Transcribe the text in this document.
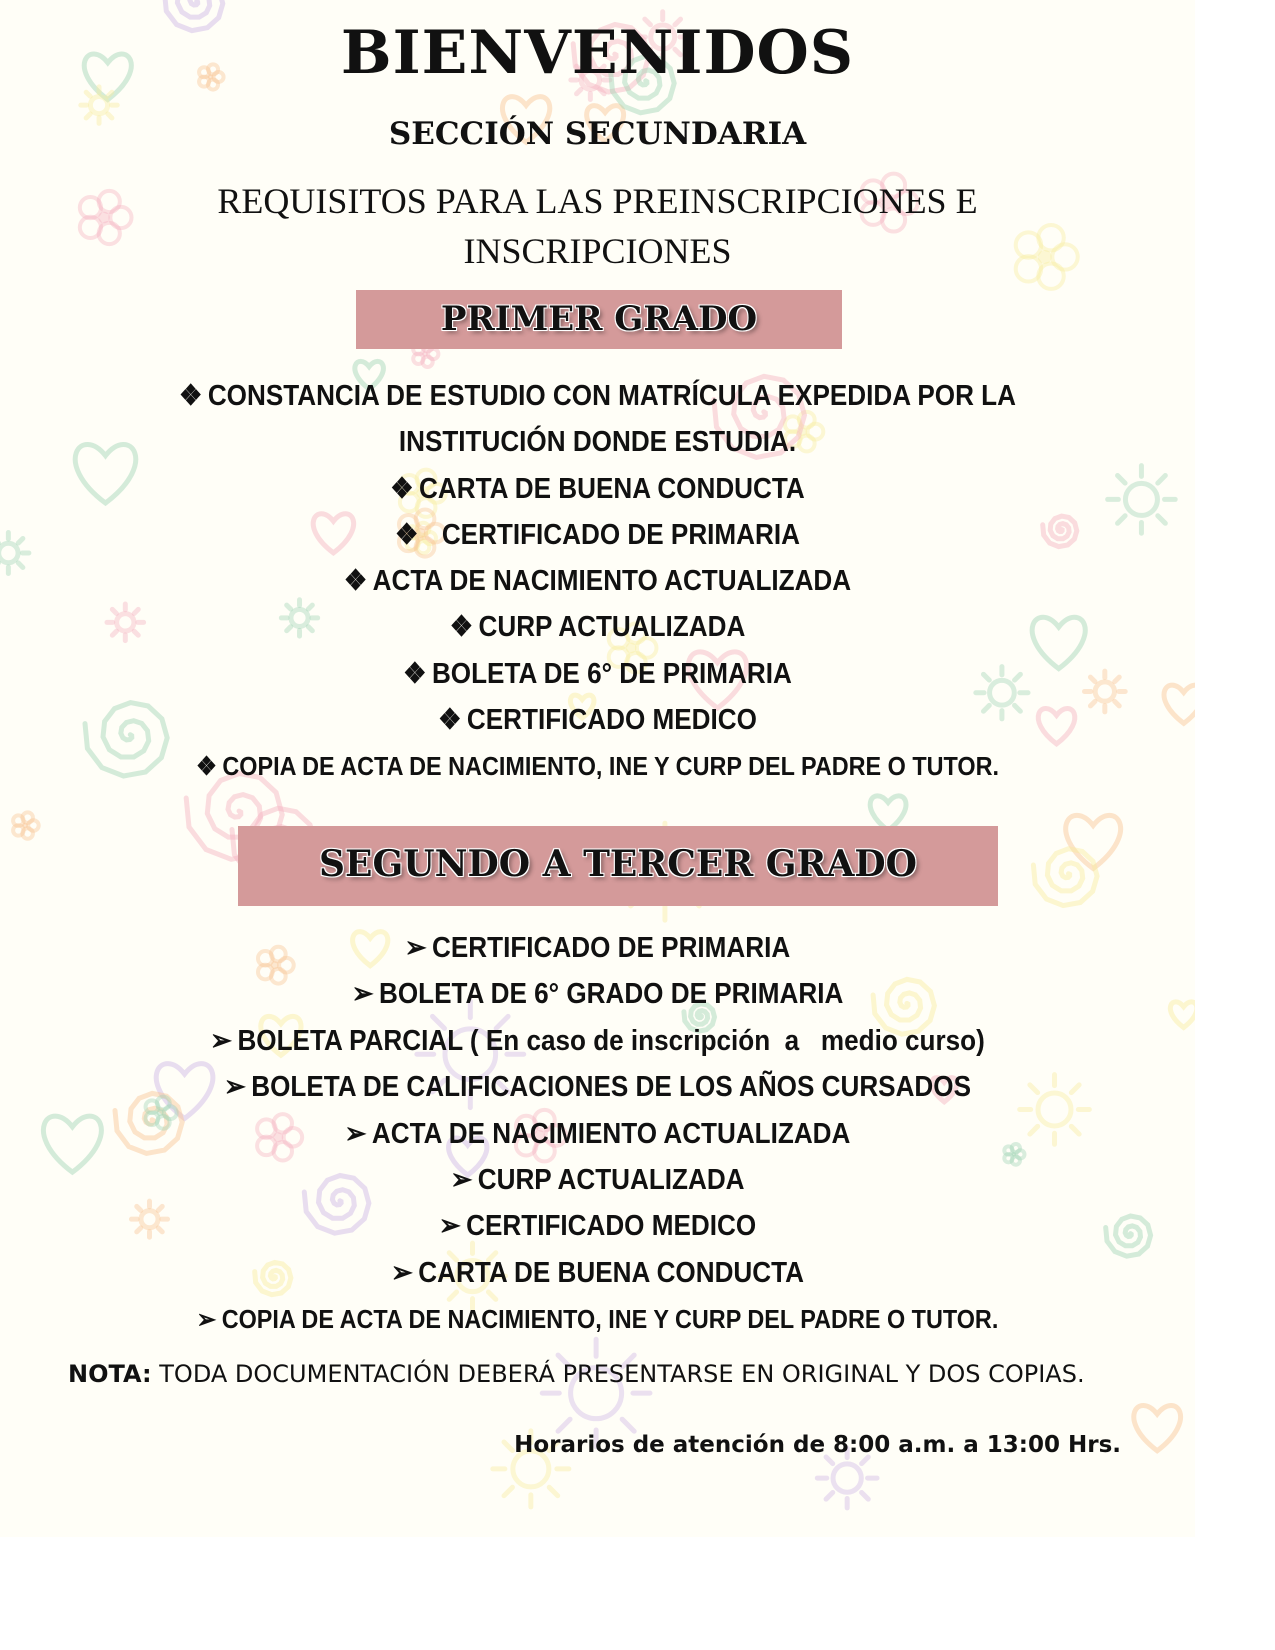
BIENVENIDOS
SECCIÓN SECUNDARIA
REQUISITOS PARA LAS PREINSCRIPCIONES E INSCRIPCIONES
PRIMER GRADO
❖ CONSTANCIA DE ESTUDIO CON MATRÍCULA EXPEDIDA POR LA
INSTITUCIÓN DONDE ESTUDIA.
❖ CARTA DE BUENA CONDUCTA
❖ CERTIFICADO DE PRIMARIA
❖ ACTA DE NACIMIENTO ACTUALIZADA
❖ CURP ACTUALIZADA
❖ BOLETA DE 6° DE PRIMARIA
❖ CERTIFICADO MEDICO
❖ COPIA DE ACTA DE NACIMIENTO, INE Y CURP DEL PADRE O TUTOR.
SEGUNDO A TERCER GRADO
➢ CERTIFICADO DE PRIMARIA
➢ BOLETA DE 6° GRADO DE PRIMARIA
➢ BOLETA PARCIAL ( En caso de inscripción  a   medio curso)
➢ BOLETA DE CALIFICACIONES DE LOS AÑOS CURSADOS
➢ ACTA DE NACIMIENTO ACTUALIZADA
➢ CURP ACTUALIZADA
➢ CERTIFICADO MEDICO
➢ CARTA DE BUENA CONDUCTA
➢ COPIA DE ACTA DE NACIMIENTO, INE Y CURP DEL PADRE O TUTOR.
NOTA: TODA DOCUMENTACIÓN DEBERÁ PRESENTARSE EN ORIGINAL Y DOS COPIAS.
Horarios de atención de 8:00 a.m. a 13:00 Hrs.
